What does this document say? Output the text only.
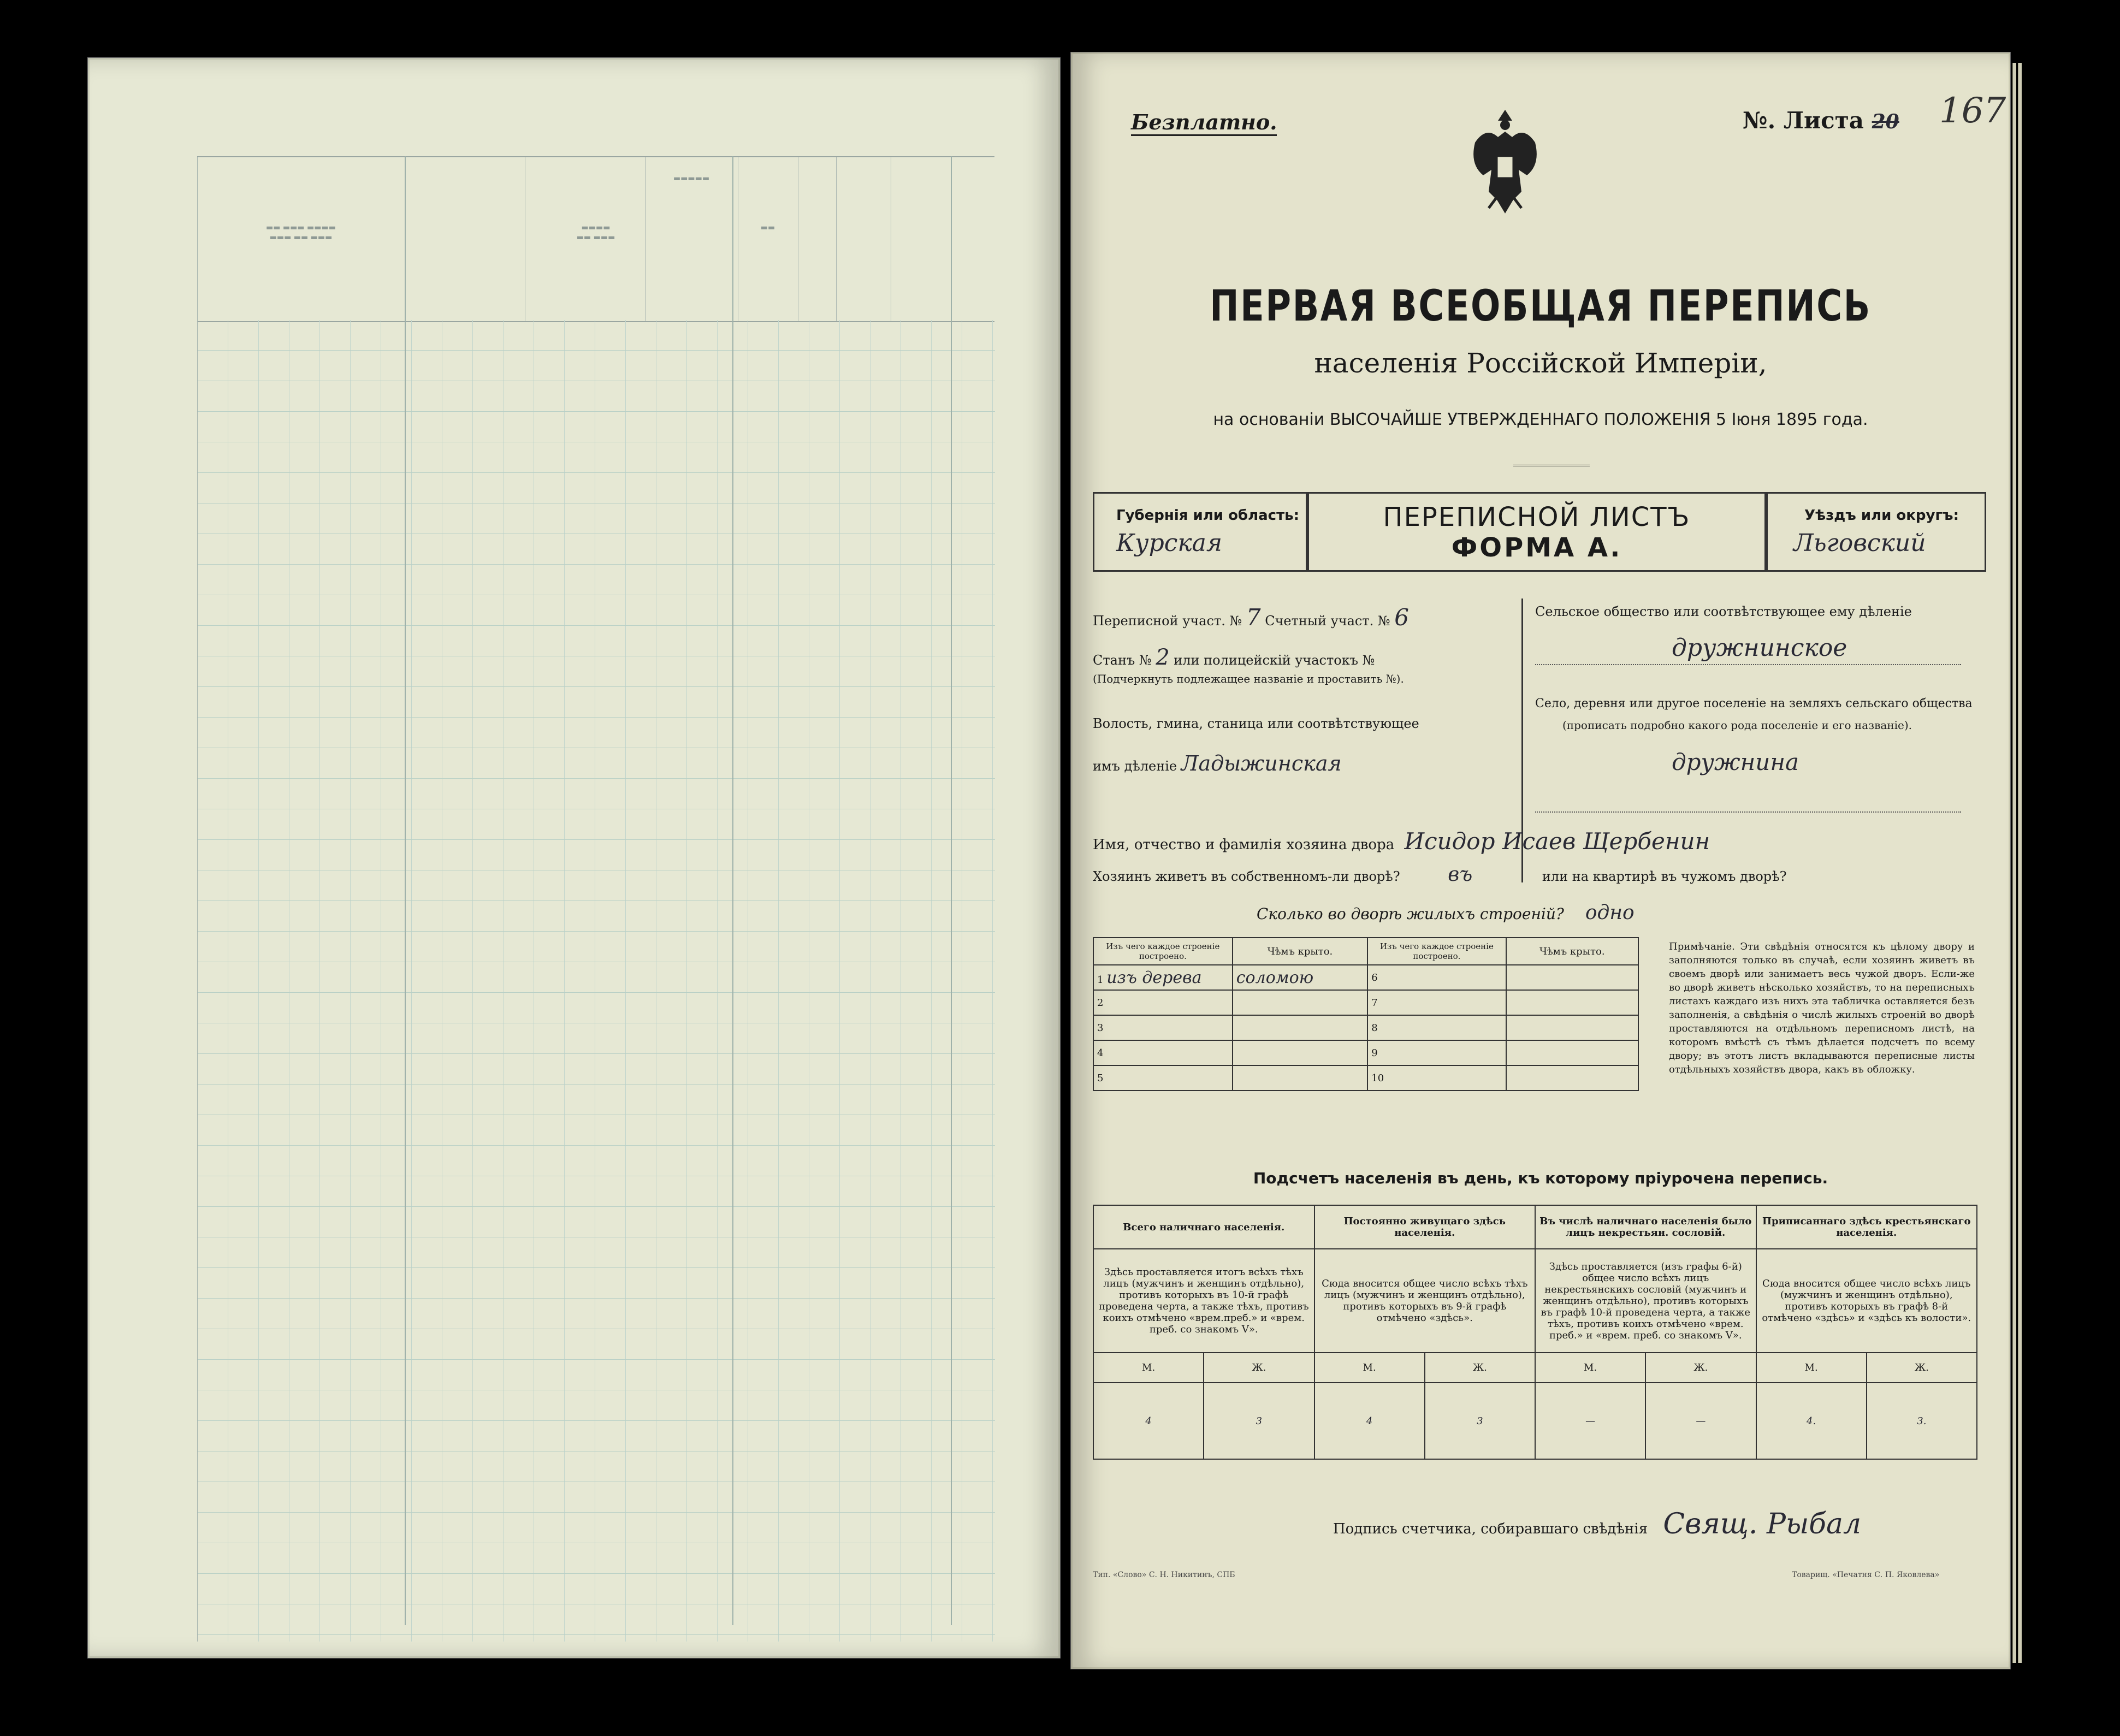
▬▬ ▬▬▬ ▬▬▬▬
▬▬▬ ▬▬ ▬▬▬
▬▬▬▬
▬▬ ▬▬▬
▬▬▬▬▬
▬▬
Безплатно.	№. Листа 20 167
ПЕРВАЯ ВСЕОБЩАЯ ПЕРЕПИСЬ
населенія Россійской Имперіи,
на основаніи ВЫСОЧАЙШЕ УТВЕРЖДЕННАГО ПОЛОЖЕНІЯ 5 Іюня 1895 года.
Губернія или область:
Курская
ПЕРЕПИСНОЙ ЛИСТЪ
ФОРМА А.
Уѣздъ или округъ:
Льговский
Переписной участ. № 7 Счетный участ. № 6
Станъ № 2 или полицейскій участокъ №
(Подчеркнуть подлежащее названіе и проставить №).
Волость, гмина, станица или соотвѣтствующее
имъ дѣленіе Ладыжинская
Сельское общество или соотвѣтствующее ему дѣленіе
дружнинское
Село, деревня или другое поселеніе на земляхъ сельскаго общества
(прописать подробно какого рода поселеніе и его названіе).
дружнина
Имя, отчество и фамилія хозяина двора Исидор Исаев Щербенин
Хозяинъ живетъ въ собственномъ-ли дворѣ? въ	или на квартирѣ въ чужомъ дворѣ?
Сколько во дворѣ жилыхъ строеній? одно
Изъ чего каждое строеніе построено.	Чѣмъ крыто.	Изъ чего каждое строеніе построено.	Чѣмъ крыто.
1 изъ дерева	соломою	6	
2		7	
3		8	
4		9	
5		10	
Примѣчаніе. Эти свѣдѣнія относятся къ цѣлому двору и заполняются только въ случаѣ, если хозяинъ живетъ въ своемъ дворѣ или занимаетъ весь чужой дворъ. Если-же во дворѣ живетъ нѣсколько хозяйствъ, то на переписныхъ листахъ каждаго изъ нихъ эта табличка оставляется безъ заполненія, а свѣдѣнія о числѣ жилыхъ строеній во дворѣ проставляются на отдѣльномъ переписномъ листѣ, на которомъ вмѣстѣ съ тѣмъ дѣлается подсчетъ по всему двору; въ этотъ листъ вкладываются переписные листы отдѣльныхъ хозяйствъ двора, какъ въ обложку.
Подсчетъ населенія въ день, къ которому пріурочена перепись.
Всего наличнаго населенія.		Постоянно живущаго здѣсь населенія.		Въ числѣ наличнаго населенія было лицъ некрестьян. сословій.		Приписаннаго здѣсь крестьянскаго населенія.	
Здѣсь проставляется итогъ всѣхъ тѣхъ лицъ (мужчинъ и женщинъ отдѣльно), противъ которыхъ въ 10-й графѣ проведена черта, а также тѣхъ, противъ коихъ отмѣчено «врем.преб.» и «врем. преб. со знакомъ V».		Сюда вносится общее число всѣхъ тѣхъ лицъ (мужчинъ и женщинъ отдѣльно), противъ которыхъ въ 9-й графѣ отмѣчено «здѣсь».		Здѣсь проставляется (изъ графы 6-й) общее число всѣхъ лицъ некрестьянскихъ сословій (мужчинъ и женщинъ отдѣльно), противъ которыхъ въ графѣ 10-й проведена черта, а также тѣхъ, противъ коихъ отмѣчено «врем. преб.» и «врем. преб. со знакомъ V».		Сюда вносится общее число всѣхъ лицъ (мужчинъ и женщинъ отдѣльно), противъ которыхъ въ графѣ 8-й отмѣчено «здѣсь» и «здѣсь къ волости».	
М.	Ж.	М.	Ж.	М.	Ж.	М.	Ж.
4	3	4	3	—	—	4.	3.
Подпись счетчика, собиравшаго свѣдѣнія Свящ. Рыбал
Тип. «Слово» С. Н. Никитинъ, СПБ	Товарищ. «Печатня С. П. Яковлева»
